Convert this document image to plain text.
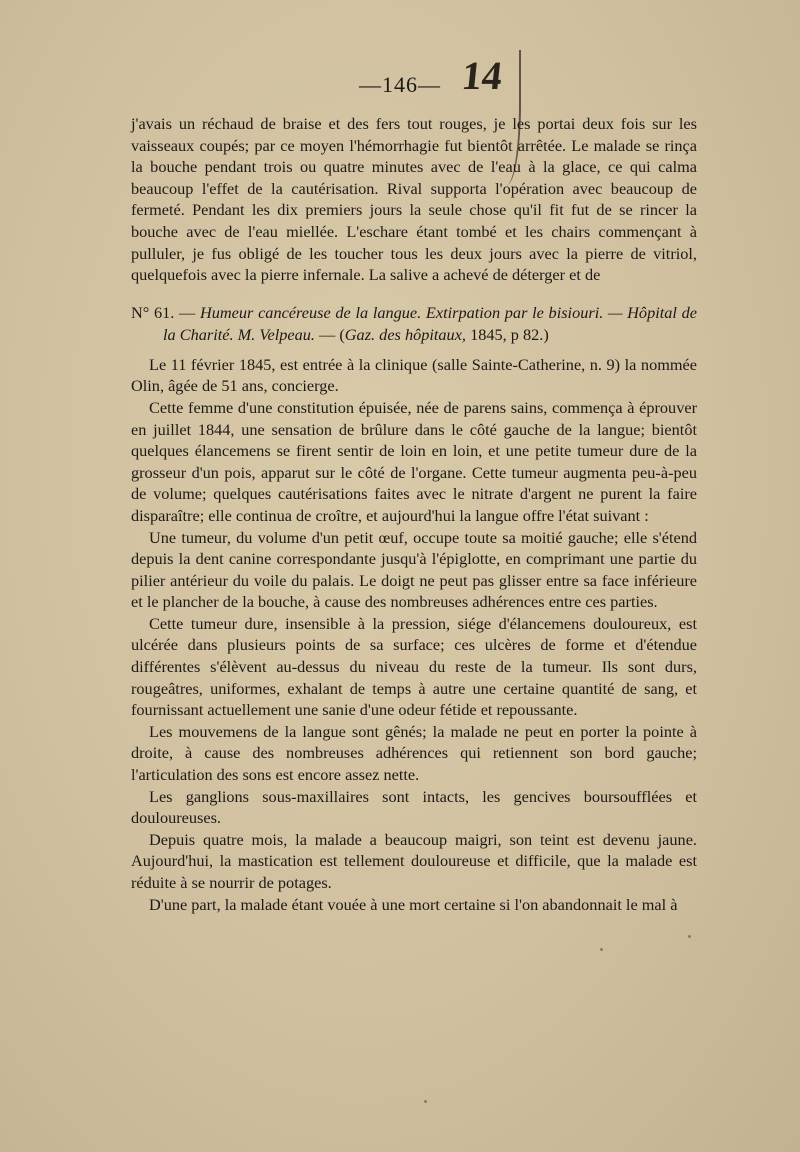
—146— 14

j'avais un réchaud de braise et des fers tout rouges, je les portai deux fois sur les vaisseaux coupés; par ce moyen l'hémorrhagie fut bientôt arrêtée. Le malade se rinça la bouche pendant trois ou quatre minutes avec de l'eau à la glace, ce qui calma beaucoup l'effet de la cautérisation. Rival supporta l'opération avec beaucoup de fermeté. Pendant les dix premiers jours la seule chose qu'il fit fut de se rincer la bouche avec de l'eau miellée. L'eschare étant tombé et les chairs commençant à pulluler, je fus obligé de les toucher tous les deux jours avec la pierre de vitriol, quelquefois avec la pierre infernale. La salive a achevé de déterger et de

N° 61. — Humeur cancéreuse de la langue. Extirpation par le bisiouri. — Hôpital de la Charité. M. Velpeau. — (Gaz. des hôpitaux, 1845, p 82.)

Le 11 février 1845, est entrée à la clinique (salle Sainte-Catherine, n. 9) la nommée Olin, âgée de 51 ans, concierge.

Cette femme d'une constitution épuisée, née de parens sains, commença à éprouver en juillet 1844, une sensation de brûlure dans le côté gauche de la langue; bientôt quelques élancemens se firent sentir de loin en loin, et une petite tumeur dure de la grosseur d'un pois, apparut sur le côté de l'organe. Cette tumeur augmenta peu-à-peu de volume; quelques cautérisations faites avec le nitrate d'argent ne purent la faire disparaître; elle continua de croître, et aujourd'hui la langue offre l'état suivant :

Une tumeur, du volume d'un petit œuf, occupe toute sa moitié gauche; elle s'étend depuis la dent canine correspondante jusqu'à l'épiglotte, en comprimant une partie du pilier antérieur du voile du palais. Le doigt ne peut pas glisser entre sa face inférieure et le plancher de la bouche, à cause des nombreuses adhérences entre ces parties.

Cette tumeur dure, insensible à la pression, siége d'élancemens douloureux, est ulcérée dans plusieurs points de sa surface; ces ulcères de forme et d'étendue différentes s'élèvent au-dessus du niveau du reste de la tumeur. Ils sont durs, rougeâtres, uniformes, exhalant de temps à autre une certaine quantité de sang, et fournissant actuellement une sanie d'une odeur fétide et repoussante.

Les mouvemens de la langue sont gênés; la malade ne peut en porter la pointe à droite, à cause des nombreuses adhérences qui retiennent son bord gauche; l'articulation des sons est encore assez nette.

Les ganglions sous-maxillaires sont intacts, les gencives boursoufflées et douloureuses.

Depuis quatre mois, la malade a beaucoup maigri, son teint est devenu jaune. Aujourd'hui, la mastication est tellement douloureuse et difficile, que la malade est réduite à se nourrir de potages.

D'une part, la malade étant vouée à une mort certaine si l'on abandonnait le mal à
